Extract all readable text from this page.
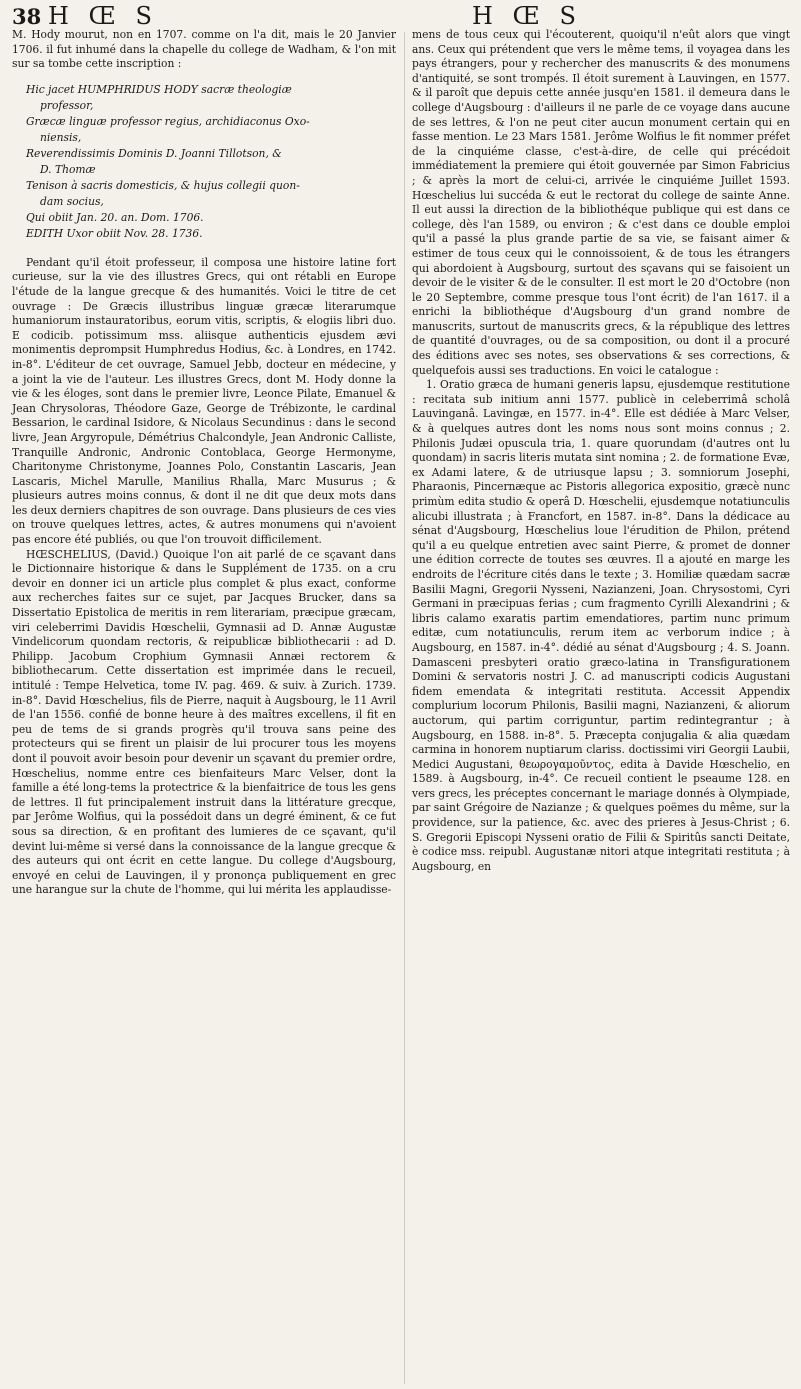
38 H Œ S	H Œ S

M. Hody mourut, non en 1707. comme on l'a dit, mais le 20 Janvier 1706. il fut inhumé dans la chapelle du college de Wadham, & l'on mit sur sa tombe cette inscription :

Hic jacet HUMPHRIDUS HODY sacræ theologiæ
professor,
Græcæ linguæ professor regius, archidiaconus Oxo-
niensis,
Reverendissimis Dominis D. Joanni Tillotson, &
D. Thomæ
Tenison à sacris domesticis, & hujus collegii quon-
dam socius,
Qui obiit Jan. 20. an. Dom. 1706.
EDITH Uxor obiit Nov. 28. 1736.

Pendant qu'il étoit professeur, il composa une histoire latine fort curieuse, sur la vie des illustres Grecs, qui ont rétabli en Europe l'étude de la langue grecque & des humanités. Voici le titre de cet ouvrage : De Græcis illustribus linguæ græcæ literarumque humaniorum instauratoribus, eorum vitis, scriptis, & elogiis libri duo. E codicib. potissimum mss. aliisque authenticis ejusdem ævi monimentis deprompsit Humphredus Hodius, &c. à Londres, en 1742. in-8°. L'éditeur de cet ouvrage, Samuel Jebb, docteur en médecine, y a joint la vie de l'auteur. Les illustres Grecs, dont M. Hody donne la vie & les éloges, sont dans le premier livre, Leonce Pilate, Emanuel & Jean Chrysoloras, Théodore Gaze, George de Trébizonte, le cardinal Bessarion, le cardinal Isidore, & Nicolaus Secundinus : dans le second livre, Jean Argyropule, Démétrius Chalcondyle, Jean Andronic Calliste, Tranquille Andronic, Andronic Contoblaca, George Hermonyme, Charitonyme Christonyme, Joannes Polo, Constantin Lascaris, Jean Lascaris, Michel Marulle, Manilius Rhalla, Marc Musurus ; & plusieurs autres moins connus, & dont il ne dit que deux mots dans les deux derniers chapitres de son ouvrage. Dans plusieurs de ces vies on trouve quelques lettres, actes, & autres monumens qui n'avoient pas encore été publiés, ou que l'on trouvoit difficilement.

HŒSCHELIUS, (David.) Quoique l'on ait parlé de ce sçavant dans le Dictionnaire historique & dans le Supplément de 1735. on a cru devoir en donner ici un article plus complet & plus exact, conforme aux recherches faites sur ce sujet, par Jacques Brucker, dans sa Dissertatio Epistolica de meritis in rem literariam, præcipue græcam, viri celeberrimi Davidis Hœschelii, Gymnasii ad D. Annæ Augustæ Vindelicorum quondam rectoris, & reipublicæ bibliothecarii : ad D. Philipp. Jacobum Crophium Gymnasii Annæi rectorem & bibliothecarum. Cette dissertation est imprimée dans le recueil, intitulé : Tempe Helvetica, tome IV. pag. 469. & suiv. à Zurich. 1739. in-8°. David Hœschelius, fils de Pierre, naquit à Augsbourg, le 11 Avril de l'an 1556. confié de bonne heure à des maîtres excellens, il fit en peu de tems de si grands progrès qu'il trouva sans peine des protecteurs qui se firent un plaisir de lui procurer tous les moyens dont il pouvoit avoir besoin pour devenir un sçavant du premier ordre, Hœschelius, nomme entre ces bienfaiteurs Marc Velser, dont la famille a été long-tems la protectrice & la bienfaitrice de tous les gens de lettres. Il fut principalement instruit dans la littérature grecque, par Jerôme Wolfius, qui la possédoit dans un degré éminent, & ce fut sous sa direction, & en profitant des lumieres de ce sçavant, qu'il devint lui-même si versé dans la connoissance de la langue grecque & des auteurs qui ont écrit en cette langue. Du college d'Augsbourg, envoyé en celui de Lauvingen, il y prononça publiquement en grec une harangue sur la chute de l'homme, qui lui mérita les applaudisse-

mens de tous ceux qui l'écouterent, quoiqu'il n'eût alors que vingt ans. Ceux qui prétendent que vers le même tems, il voyagea dans les pays étrangers, pour y rechercher des manuscrits & des monumens d'antiquité, se sont trompés. Il étoit surement à Lauvingen, en 1577. & il paroît que depuis cette année jusqu'en 1581. il demeura dans le college d'Augsbourg : d'ailleurs il ne parle de ce voyage dans aucune de ses lettres, & l'on ne peut citer aucun monument certain qui en fasse mention. Le 23 Mars 1581. Jerôme Wolfius le fit nommer préfet de la cinquiéme classe, c'est-à-dire, de celle qui précédoit immédiatement la premiere qui étoit gouvernée par Simon Fabricius ; & après la mort de celui-ci, arrivée le cinquiéme Juillet 1593. Hœschelius lui succéda & eut le rectorat du college de sainte Anne. Il eut aussi la direction de la bibliothéque publique qui est dans ce college, dès l'an 1589, ou environ ; & c'est dans ce double emploi qu'il a passé la plus grande partie de sa vie, se faisant aimer & estimer de tous ceux qui le connoissoient, & de tous les étrangers qui abordoient à Augsbourg, surtout des sçavans qui se faisoient un devoir de le visiter & de le consulter. Il est mort le 20 d'Octobre (non le 20 Septembre, comme presque tous l'ont écrit) de l'an 1617. il a enrichi la bibliothéque d'Augsbourg d'un grand nombre de manuscrits, surtout de manuscrits grecs, & la république des lettres de quantité d'ouvrages, ou de sa composition, ou dont il a procuré des éditions avec ses notes, ses observations & ses corrections, & quelquefois aussi ses traductions. En voici le catalogue :

1. Oratio græca de humani generis lapsu, ejusdemque restitutione : recitata sub initium anni 1577. publicè in celeberrimâ scholâ Lauvinganâ. Lavingæ, en 1577. in-4°. Elle est dédiée à Marc Velser, & à quelques autres dont les noms nous sont moins connus ; 2. Philonis Judæi opuscula tria, 1. quare quorundam (d'autres ont lu quondam) in sacris literis mutata sint nomina ; 2. de formatione Evæ, ex Adami latere, & de utriusque lapsu ; 3. somniorum Josephi, Pharaonis, Pincernæque ac Pistoris allegorica expositio, græcè nunc primùm edita studio & operâ D. Hœschelii, ejusdemque notatiunculis alicubi illustrata ; à Francfort, en 1587. in-8°. Dans la dédicace au sénat d'Augsbourg, Hœschelius loue l'érudition de Philon, prétend qu'il a eu quelque entretien avec saint Pierre, & promet de donner une édition correcte de toutes ses œuvres. Il a ajouté en marge les endroits de l'écriture cités dans le texte ; 3. Homiliæ quædam sacræ Basilii Magni, Gregorii Nysseni, Nazianzeni, Joan. Chrysostomi, Cyri Germani in præcipuas ferias ; cum fragmento Cyrilli Alexandrini ; & libris calamo exaratis partim emendatiores, partim nunc primum editæ, cum notatiunculis, rerum item ac verborum indice ; à Augsbourg, en 1587. in-4°. dédié au sénat d'Augsbourg ; 4. S. Joann. Damasceni presbyteri oratio græco-latina in Transfigurationem Domini & servatoris nostri J. C. ad manuscripti codicis Augustani fidem emendata & integritati restituta. Accessit Appendix complurium locorum Philonis, Basilii magni, Nazianzeni, & aliorum auctorum, qui partim corriguntur, partim redintegrantur ; à Augsbourg, en 1588. in-8°. 5. Præcepta conjugalia & alia quædam carmina in honorem nuptiarum clariss. doctissimi viri Georgii Laubii, Medici Augustani, θεωρογαμοῦντος, edita à Davide Hœschelio, en 1589. à Augsbourg, in-4°. Ce recueil contient le pseaume 128. en vers grecs, les préceptes concernant le mariage donnés à Olympiade, par saint Grégoire de Nazianze ; & quelques poëmes du même, sur la providence, sur la patience, &c. avec des prieres à Jesus-Christ ; 6. S. Gregorii Episcopi Nysseni oratio de Filii & Spiritûs sancti Deitate, è codice mss. reipubl. Augustanæ nitori atque integritati restituta ; à Augsbourg, en
